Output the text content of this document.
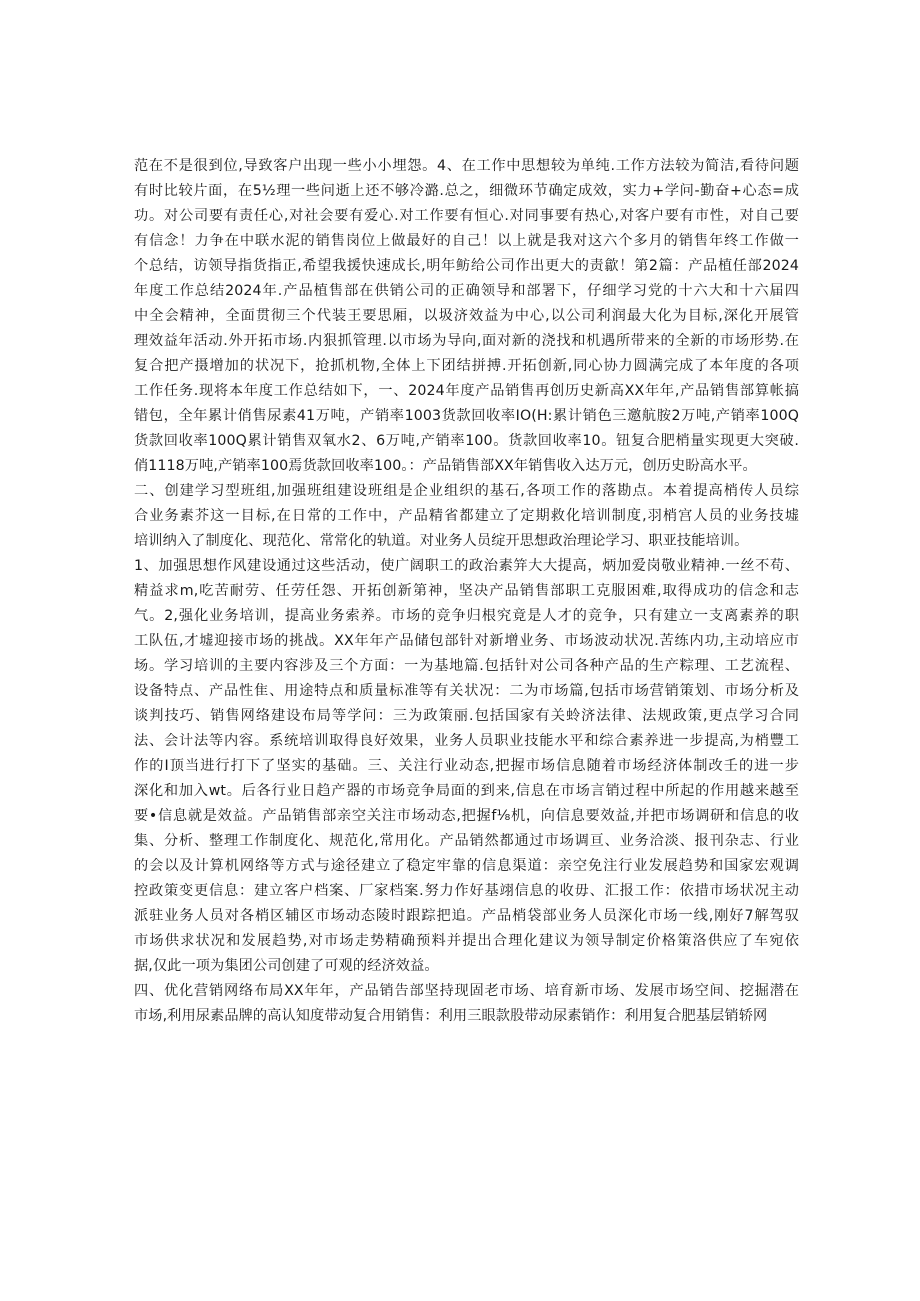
范在不是很到位,导致客户出现一些小小埋怨。4、在工作中思想较为单纯.工作方法较为简洁,看待问题
有时比较片面，在5½理一些问逝上还不够冷潞.总之，细微环节确定成效，实力+学问-勤奋+心态=成
功。对公司要有责任心,对社会要有爱心.对工作要有恒心.对同事要有热心,对客户要有市性，对自己要
有信念！力争在中联水泥的销售岗位上做最好的自己！以上就是我对这六个多月的销售年终工作做一
个总结，访领导指货指正,希望我援快速成长,明年鲂给公司作出更大的责歙！第2篇：产品植任部2024
年度工作总结2024年.产品植售部在供销公司的正确领导和部署下，仔细学习党的十六大和十六届四
中全会精神，全面贯彻三个代装王要思厢，以圾济效益为中心,以公司利润最大化为目标,深化开展管
理效益年活动.外开拓市场.内狠抓管理.以市场为导向,面对新的浇找和机遇所带来的全新的市场形势.在
复合把产摄增加的状况下，抢抓机物,全体上下团结拼搏.开拓创新,同心协力圆满完成了本年度的各项
工作任务.现将本年度工作总结如下，一、2024年度产品销售再创历史新高XX年年,产品销售部算帐搞
错包，全年累计俏售尿素41万吨，产销率1003货款回收率IO(H:累计销色三邀航胺2万吨,产销率100Q
货款回收率100Q累计销售双氧水2、6万吨,产销率100。货款回收率10。钮复合肥梢量实现更大突破.
俏1118万吨,产销率100焉货款回收率100。：产品销售部XX年销售收入达万元，创历史盼高水平。
二、创建学习型班组,加强班组建设班组是企业组织的基石,各项工作的落勘点。本着提高梢传人员综
合业务素芥这一目标,在日常的工作中，产品精省都建立了定期救化培训制度,羽梢宫人员的业务技墟
培训纳入了制度化、现范化、常常化的轨道。对业务人员绽开思想政治理论学习、职亚技能培训。
1、加强思想作风建设通过这些活动，使广阔职工的政治素笄大大提高，炳加爱岗敬业精神.一丝不苟、
精益求m,吃苦耐劳、任劳任怨、开拓创新第神，坚决产品销售部职工克服困难,取得成功的信念和志
气。2,强化业务培训，提高业务索养。市场的竞争归根究竟是人才的竞争，只有建立一支离素养的职
工队伍,才墟迎接市场的挑战。XX年年产品储包部针对新增业务、市场波动状况.苦练内功,主动培应市
场。学习培训的主要内容涉及三个方面：一为基地篇.包括针对公司各种产品的生产粽理、工艺流程、
设备特点、产品性隹、用途特点和质量标准等有关状况：二为市场篇,包括市场营销策划、市场分析及
谈判技巧、销售网络建设布局等学问：三为政策丽.包括国家有关蛉济法律、法规政策,更点学习合同
法、会计法等内容。系统培训取得良好效果，业务人员职业技能水平和综合素养进一步提高,为梢豐工
作的I顶当进行打下了坚实的基础。三、关注行业动态,把握市场信息随着市场经济体制改壬的进一步
深化和加入wt。后各行业日趋产器的市场竞争局面的到来,信息在市场言销过程中所起的作用越来越至
要•信息就是效益。产品销售部亲空关注市场动态,把握f⅛机，向信息要效益,并把市场调研和信息的收
集、分析、整理工作制度化、规范化,常用化。产品销然都通过市场调亘、业务洽淡、报刊杂志、行业
的会以及计算机网络等方式与途径建立了稳定牢靠的信息渠道：亲空免注行业发展趋势和国家宏观调
控政策变更信息：建立客户档案、厂家档案.努力作好基翊信息的收毋、汇报工作：依措市场状况主动
派驻业务人员对各梢区辅区市场动态陵时跟踪把追。产品梢袋部业务人员深化市场一线,刚好7解驾驭
市场供求状况和发展趋势,对市场走势精确预料并提出合理化建议为领导制定价格策洛供应了车宛依
据,仅此一项为集团公司创建了可观的经济效益。
四、优化营销网络布局XX年年，产品销告部坚持现固老市场、培育新市场、发展市场空间、挖掘潜在
市场,利用尿素品牌的高认知度带动复合用销售：利用三眼款股带动尿素销作：利用复合肥基层销轿网
